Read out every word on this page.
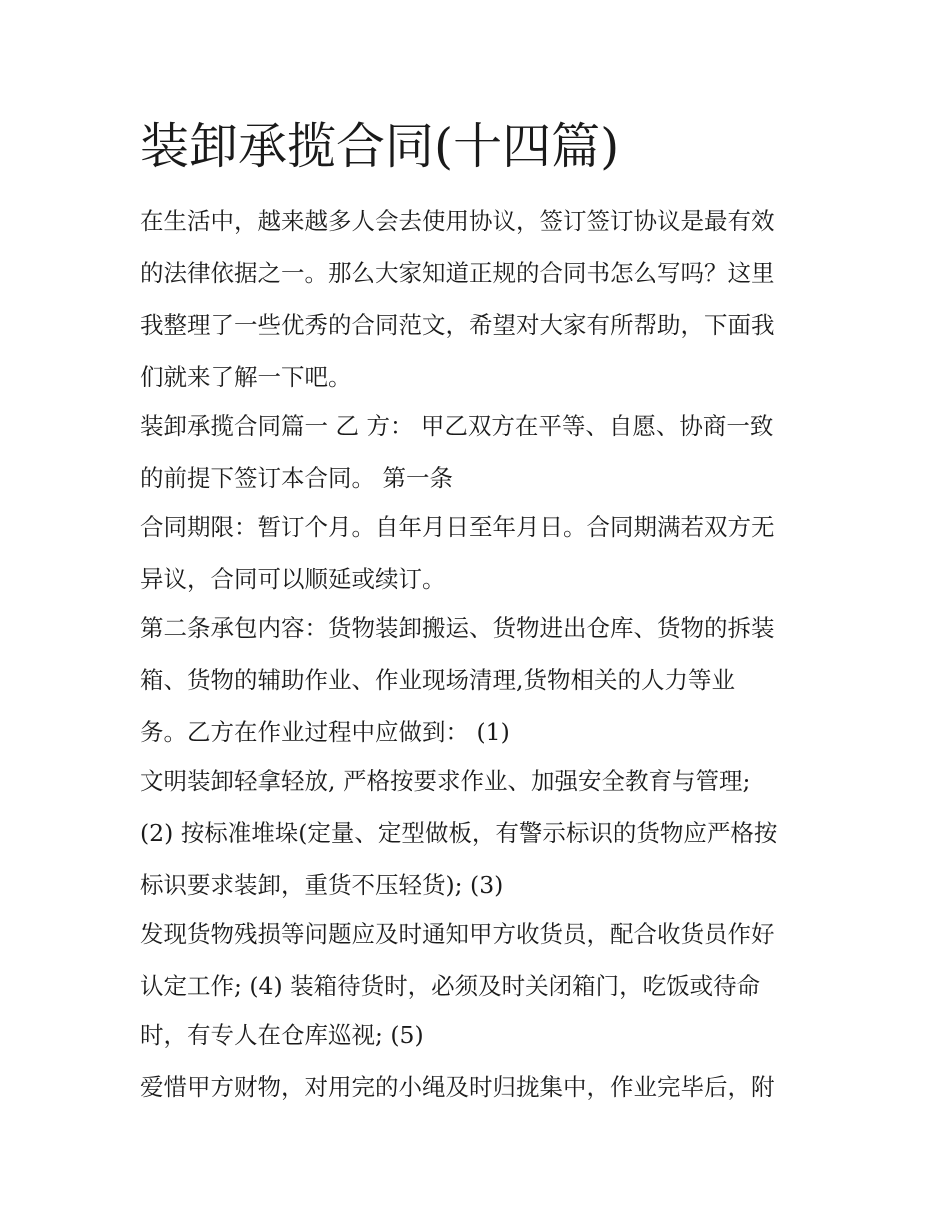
装卸承揽合同(十四篇)

在生活中，越来越多人会去使用协议，签订签订协议是最有效

的法律依据之一。那么大家知道正规的合同书怎么写吗？这里

我整理了一些优秀的合同范文，希望对大家有所帮助，下面我

们就来了解一下吧。

装卸承揽合同篇一 乙 方： 甲乙双方在平等、自愿、协商一致

的前提下签订本合同。 第一条

合同期限：暂订个月。自年月日至年月日。合同期满若双方无

异议，合同可以顺延或续订。

第二条承包内容：货物装卸搬运、货物进出仓库、货物的拆装

箱、货物的辅助作业、作业现场清理,货物相关的人力等业

务。乙方在作业过程中应做到： (1)

文明装卸轻拿轻放, 严格按要求作业、加强安全教育与管理;

(2) 按标准堆垛(定量、定型做板，有警示标识的货物应严格按

标识要求装卸，重货不压轻货); (3)

发现货物残损等问题应及时通知甲方收货员，配合收货员作好

认定工作; (4) 装箱待货时，必须及时关闭箱门，吃饭或待命

时，有专人在仓库巡视; (5)

爱惜甲方财物，对用完的小绳及时归拢集中，作业完毕后，附
